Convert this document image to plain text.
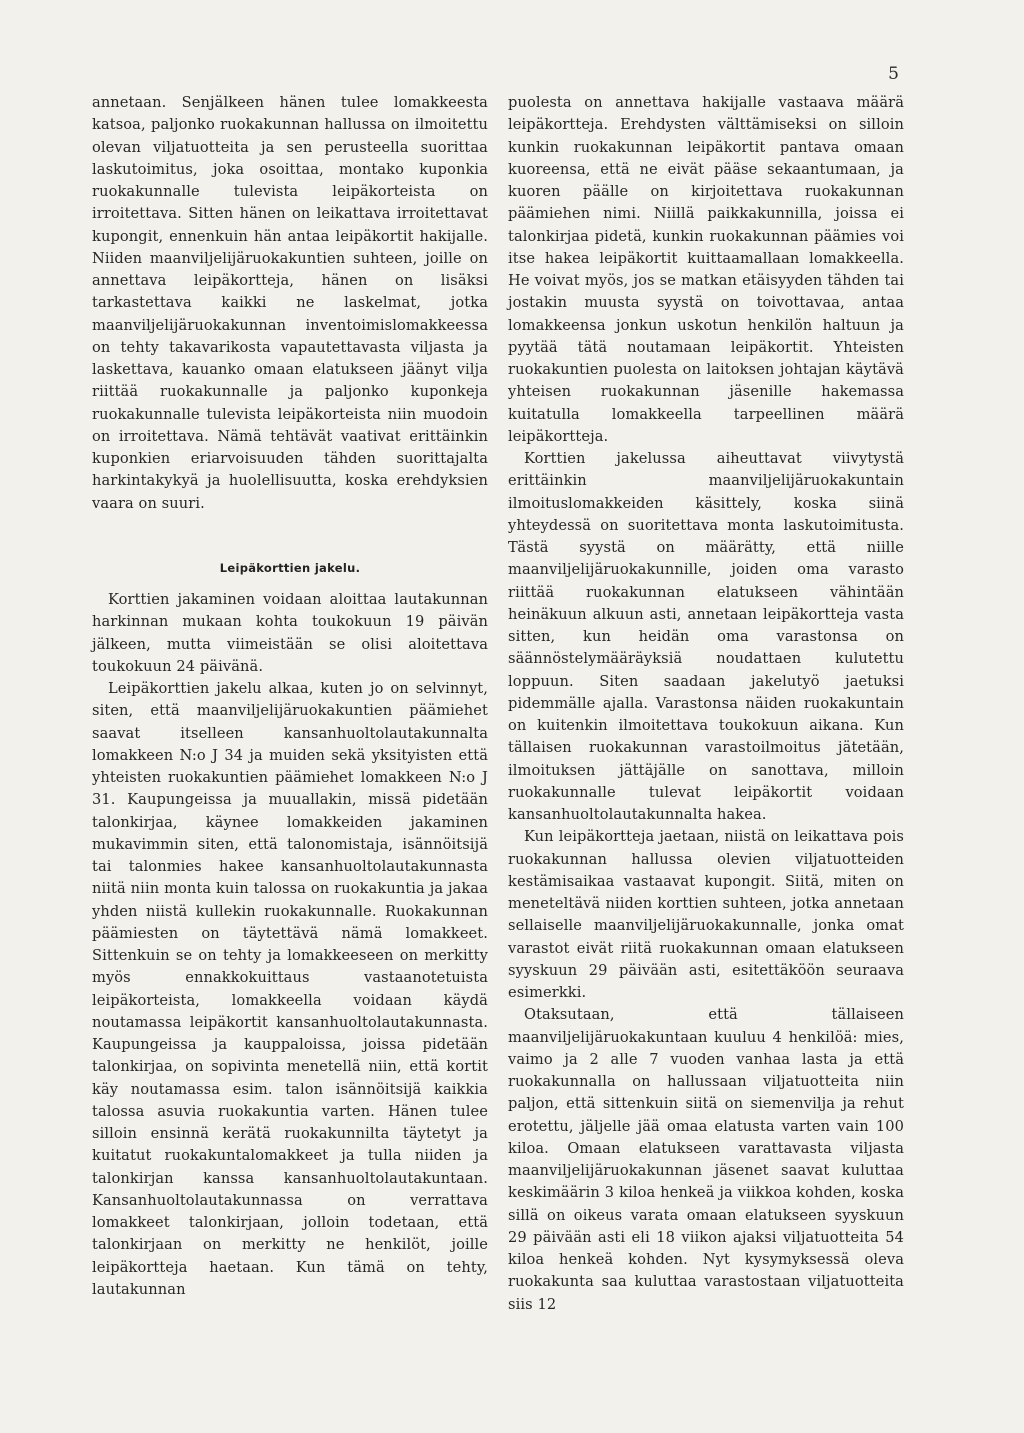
5

annetaan. Senjälkeen hänen tulee lomakkeesta katsoa, paljonko ruokakunnan hallussa on ilmoitettu olevan viljatuotteita ja sen perusteella suorittaa laskutoimitus, joka osoittaa, montako kuponkia ruokakunnalle tulevista leipäkorteista on irroitettava. Sitten hänen on leikattava irroitettavat kupongit, ennenkuin hän antaa leipäkortit hakijalle. Niiden maanviljelijäruokakuntien suhteen, joille on annettava leipäkortteja, hänen on lisäksi tarkastettava kaikki ne laskelmat, jotka maanviljelijäruokakunnan inventoimislomakkeessa on tehty takavarikosta vapautettavasta viljasta ja laskettava, kauanko omaan elatukseen jäänyt vilja riittää ruokakunnalle ja paljonko kuponkeja ruokakunnalle tulevista leipäkorteista niin muodoin on irroitettava. Nämä tehtävät vaativat erittäinkin kuponkien eriarvoisuuden tähden suorittajalta harkintakykyä ja huolellisuutta, koska erehdyksien vaara on suuri.

Leipäkorttien jakelu.

Korttien jakaminen voidaan aloittaa lautakunnan harkinnan mukaan kohta toukokuun 19 päivän jälkeen, mutta viimeistään se olisi aloitettava toukokuun 24 päivänä.

Leipäkorttien jakelu alkaa, kuten jo on selvinnyt, siten, että maanviljelijäruokakuntien päämiehet saavat itselleen kansanhuoltolautakunnalta lomakkeen N:o J 34 ja muiden sekä yksityisten että yhteisten ruokakuntien päämiehet lomakkeen N:o J 31. Kaupungeissa ja muuallakin, missä pidetään talonkirjaa, käynee lomakkeiden jakaminen mukavimmin siten, että talonomistaja, isännöitsijä tai talonmies hakee kansanhuoltolautakunnasta niitä niin monta kuin talossa on ruokakuntia ja jakaa yhden niistä kullekin ruokakunnalle. Ruokakunnan päämiesten on täytettävä nämä lomakkeet. Sittenkuin se on tehty ja lomakkeeseen on merkitty myös ennakkokuittaus vastaanotetuista leipäkorteista, lomakkeella voidaan käydä noutamassa leipäkortit kansanhuoltolautakunnasta. Kaupungeissa ja kauppaloissa, joissa pidetään talonkirjaa, on sopivinta menetellä niin, että kortit käy noutamassa esim. talon isännöitsijä kaikkia talossa asuvia ruokakuntia varten. Hänen tulee silloin ensinnä kerätä ruokakunnilta täytetyt ja kuitatut ruokakuntalomakkeet ja tulla niiden ja talonkirjan kanssa kansanhuoltolautakuntaan. Kansanhuoltolautakunnassa on verrattava lomakkeet talonkirjaan, jolloin todetaan, että talonkirjaan on merkitty ne henkilöt, joille leipäkortteja haetaan. Kun tämä on tehty, lautakunnan

puolesta on annettava hakijalle vastaava määrä leipäkortteja. Erehdysten välttämiseksi on silloin kunkin ruokakunnan leipäkortit pantava omaan kuoreensa, että ne eivät pääse sekaantumaan, ja kuoren päälle on kirjoitettava ruokakunnan päämiehen nimi. Niillä paikkakunnilla, joissa ei talonkirjaa pidetä, kunkin ruokakunnan päämies voi itse hakea leipäkortit kuittaamallaan lomakkeella. He voivat myös, jos se matkan etäisyyden tähden tai jostakin muusta syystä on toivottavaa, antaa lomakkeensa jonkun uskotun henkilön haltuun ja pyytää tätä noutamaan leipäkortit. Yhteisten ruokakuntien puolesta on laitoksen johtajan käytävä yhteisen ruokakunnan jäsenille hakemassa kuitatulla lomakkeella tarpeellinen määrä leipäkortteja.

Korttien jakelussa aiheuttavat viivytystä erittäinkin maanviljelijäruokakuntain ilmoituslomakkeiden käsittely, koska siinä yhteydessä on suoritettava monta laskutoimitusta. Tästä syystä on määrätty, että niille maanviljelijäruokakunnille, joiden oma varasto riittää ruokakunnan elatukseen vähintään heinäkuun alkuun asti, annetaan leipäkortteja vasta sitten, kun heidän oma varastonsa on säännöstelymääräyksiä noudattaen kulutettu loppuun. Siten saadaan jakelutyö jaetuksi pidemmälle ajalla. Varastonsa näiden ruokakuntain on kuitenkin ilmoitettava toukokuun aikana. Kun tällaisen ruokakunnan varastoilmoitus jätetään, ilmoituksen jättäjälle on sanottava, milloin ruokakunnalle tulevat leipäkortit voidaan kansanhuoltolautakunnalta hakea.

Kun leipäkortteja jaetaan, niistä on leikattava pois ruokakunnan hallussa olevien viljatuotteiden kestämisaikaa vastaavat kupongit. Siitä, miten on meneteltävä niiden korttien suhteen, jotka annetaan sellaiselle maanviljelijäruokakunnalle, jonka omat varastot eivät riitä ruokakunnan omaan elatukseen syyskuun 29 päivään asti, esitettäköön seuraava esimerkki.

Otaksutaan, että tällaiseen maanviljelijäruokakuntaan kuuluu 4 henkilöä: mies, vaimo ja 2 alle 7 vuoden vanhaa lasta ja että ruokakunnalla on hallussaan viljatuotteita niin paljon, että sittenkuin siitä on siemenvilja ja rehut erotettu, jäljelle jää omaa elatusta varten vain 100 kiloa. Omaan elatukseen varattavasta viljasta maanviljelijäruokakunnan jäsenet saavat kuluttaa keskimäärin 3 kiloa henkeä ja viikkoa kohden, koska sillä on oikeus varata omaan elatukseen syyskuun 29 päivään asti eli 18 viikon ajaksi viljatuotteita 54 kiloa henkeä kohden. Nyt kysymyksessä oleva ruokakunta saa kuluttaa varastostaan viljatuotteita siis 12
